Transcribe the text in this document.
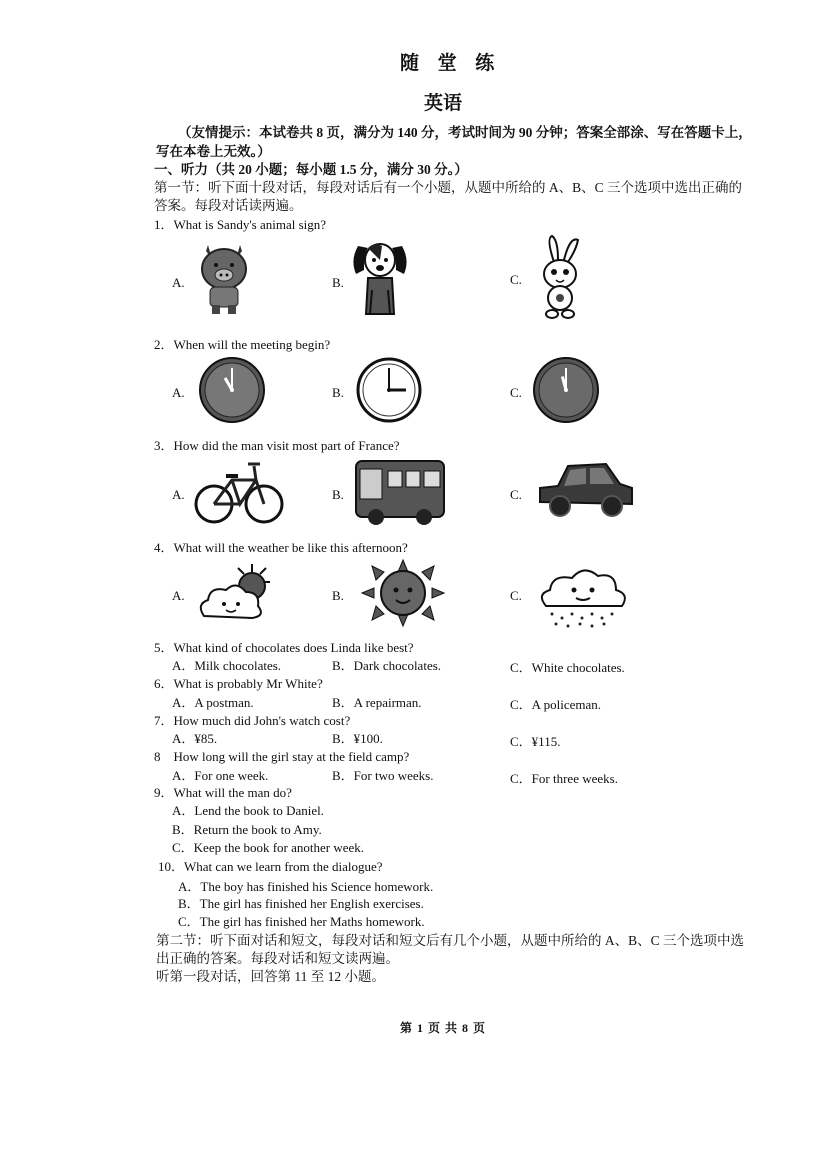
随 堂 练
英语
（友情提示：本试卷共 8 页，满分为 140 分，考试时间为 90 分钟；答案全部涂、写在答题卡上，
写在本卷上无效。）
一、听力（共 20 小题；每小题 1.5 分，满分 30 分。）
第一节：听下面十段对话，每段对话后有一个小题，从题中所给的 A、B、C 三个选项中选出正确的
答案。每段对话读两遍。
1．What is Sandy's animal sign?
A.	B.	C.
2．When will the meeting begin?
A.	B.	C.
3．How did the man visit most part of France?
A.	B.	C.
4．What will the weather be like this afternoon?
A.	B.	C.
5．What kind of chocolates does Linda like best?
A．Milk chocolates.	B．Dark chocolates.	C．White chocolates.
6．What is probably Mr White?
A．A postman.	B．A repairman.	C．A policeman.
7．How much did John's watch cost?
A．¥85.	B．¥100.	C．¥115.
8　How long will the girl stay at the field camp?
A．For one week.	B．For two weeks.	C．For three weeks.
9．What will the man do?
A．Lend the book to Daniel.
B．Return the book to Amy.
C．Keep the book for another week.
10．What can we learn from the dialogue?
A．The boy has finished his Science homework.
B．The girl has finished her English exercises.
C．The girl has finished her Maths homework.
第二节：听下面对话和短文，每段对话和短文后有几个小题，从题中所给的 A、B、C 三个选项中选
出正确的答案。每段对话和短文读两遍。
听第一段对话，回答第 11 至 12 小题。
第 1 页 共 8 页
